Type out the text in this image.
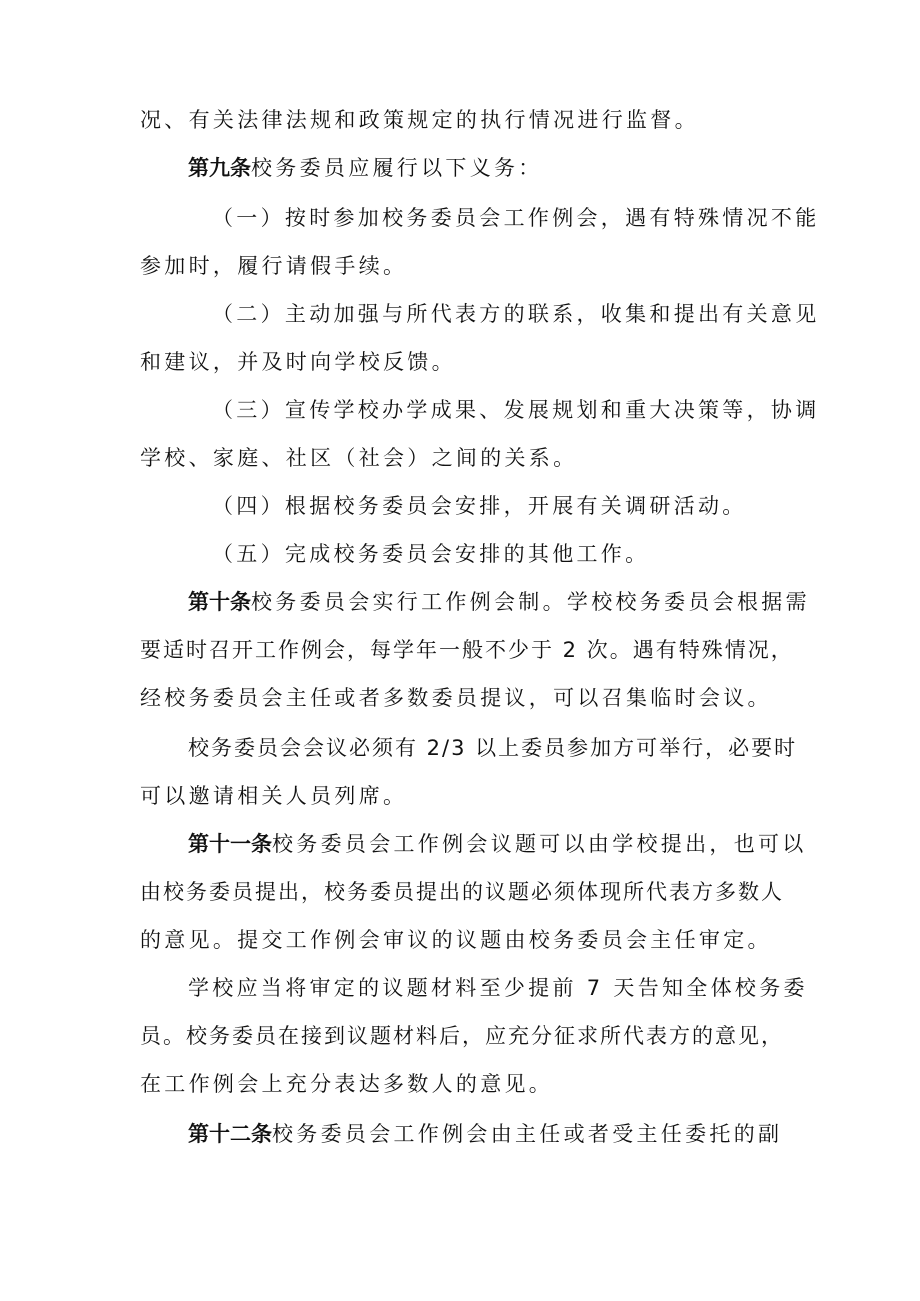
况、有关法律法规和政策规定的执行情况进行监督。
第九条校务委员应履行以下义务：
（一）按时参加校务委员会工作例会，遇有特殊情况不能
参加时，履行请假手续。
（二）主动加强与所代表方的联系，收集和提出有关意见
和建议，并及时向学校反馈。
（三）宣传学校办学成果、发展规划和重大决策等，协调
学校、家庭、社区（社会）之间的关系。
（四）根据校务委员会安排，开展有关调研活动。
（五）完成校务委员会安排的其他工作。
第十条校务委员会实行工作例会制。学校校务委员会根据需
要适时召开工作例会，每学年一般不少于 2 次。遇有特殊情况，
经校务委员会主任或者多数委员提议，可以召集临时会议。
校务委员会会议必须有 2/3 以上委员参加方可举行，必要时
可以邀请相关人员列席。
第十一条校务委员会工作例会议题可以由学校提出，也可以
由校务委员提出，校务委员提出的议题必须体现所代表方多数人
的意见。提交工作例会审议的议题由校务委员会主任审定。
学校应当将审定的议题材料至少提前 7 天告知全体校务委
员。校务委员在接到议题材料后，应充分征求所代表方的意见，
在工作例会上充分表达多数人的意见。
第十二条校务委员会工作例会由主任或者受主任委托的副
